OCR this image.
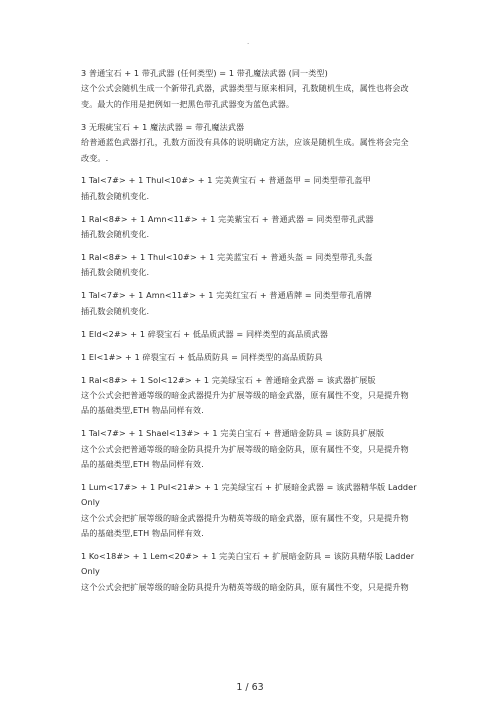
.
3 普通宝石 + 1 带孔武器 (任何类型) = 1 带孔魔法武器 (同一类型)
这个公式会随机生成一个新带孔武器，武器类型与原来相同，孔数随机生成，属性也将会改
变。最大的作用是把例如一把黑色带孔武器变为蓝色武器。
3 无瑕疵宝石 + 1 魔法武器 = 带孔魔法武器
给普通蓝色武器打孔，孔数方面没有具体的说明确定方法，应该是随机生成。属性将会完全
改变。.
1 Tal<7#> + 1 Thul<10#> + 1 完美黄宝石 + 普通盔甲 = 同类型带孔盔甲
插孔数会随机变化.
1 Ral<8#> + 1 Amn<11#> + 1 完美紫宝石 + 普通武器 = 同类型带孔武器
插孔数会随机变化.
1 Ral<8#> + 1 Thul<10#> + 1 完美蓝宝石 + 普通头盔 = 同类型带孔头盔
插孔数会随机变化.
1 Tal<7#> + 1 Amn<11#> + 1 完美红宝石 + 普通盾牌 = 同类型带孔盾牌
插孔数会随机变化.
1 Eld<2#> + 1 碎裂宝石 + 低品质武器 = 同样类型的高品质武器
1 El<1#> + 1 碎裂宝石 + 低品质防具 = 同样类型的高品质防具
1 Ral<8#> + 1 Sol<12#> + 1 完美绿宝石 + 普通暗金武器 = 该武器扩展版
这个公式会把普通等级的暗金武器提升为扩展等级的暗金武器，原有属性不变，只是提升物
品的基础类型,ETH 物品同样有效.
1 Tal<7#> + 1 Shael<13#> + 1 完美白宝石 + 普通暗金防具 = 该防具扩展版
这个公式会把普通等级的暗金防具提升为扩展等级的暗金防具，原有属性不变，只是提升物
品的基础类型,ETH 物品同样有效.
1 Lum<17#> + 1 Pul<21#> + 1 完美绿宝石 + 扩展暗金武器 = 该武器精华版 Ladder
Only
这个公式会把扩展等级的暗金武器提升为精英等级的暗金武器，原有属性不变，只是提升物
品的基础类型,ETH 物品同样有效.
1 Ko<18#> + 1 Lem<20#> + 1 完美白宝石 + 扩展暗金防具 = 该防具精华版 Ladder
Only
这个公式会把扩展等级的暗金防具提升为精英等级的暗金防具，原有属性不变，只是提升物
1 / 63
